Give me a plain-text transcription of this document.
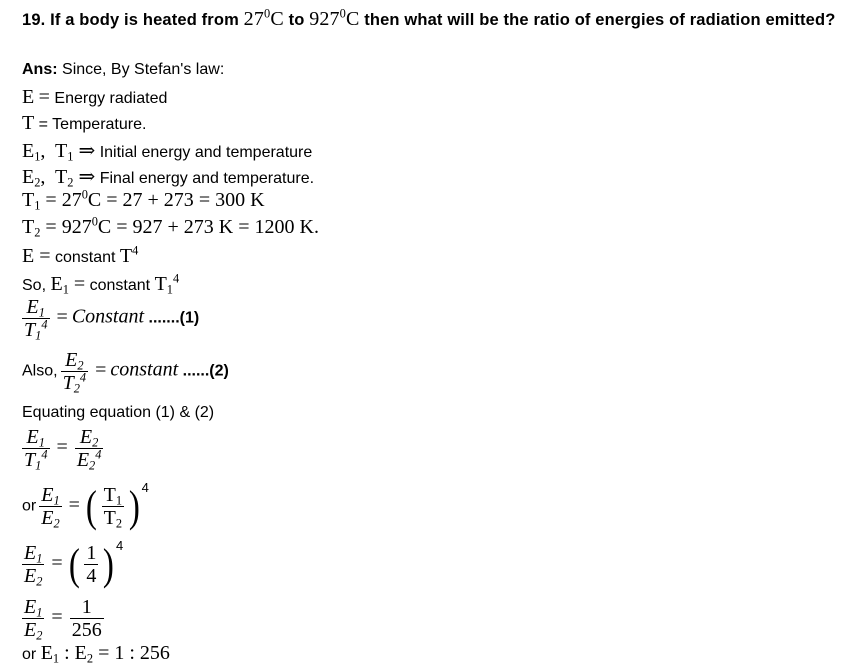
19. If a body is heated from $27^0C$ to $927^0C$ then what will be the ratio of energies of radiation emitted?
Ans: Since, By Stefan's law:
E = Energy radiated
T = Temperature.
$E_1$,  $T_1$ ⇒ Initial energy and temperature
$E_2$,  $T_2$ ⇒ Final energy and temperature.
$T_1 = 27^0C = 27 + 273 = 300$ K
$T_2 = 927^0C = 927 + 273$ K = 1200 K.
E = constant $T^4$
So, $E_1$ = constant $T_1^4$
$\frac{E_1}{T_1^4}$ = Constant .......(1)
Also, $\frac{E_2}{T_2^4}$ = constant ......(2)
Equating equation (1) & (2)
$\frac{E_1}{T_1^4} = \frac{E_2}{E_2^4}$
or $\frac{E_1}{E_2}$ = ( $\frac{T_1}{T_2}$ ) 4
$\frac{E_1}{E_2}$ = ( $\frac{1}{4}$ ) 4
$\frac{E_1}{E_2} = \frac{1}{256}$
or $E_1$ : $E_2 = 1$ : 256
